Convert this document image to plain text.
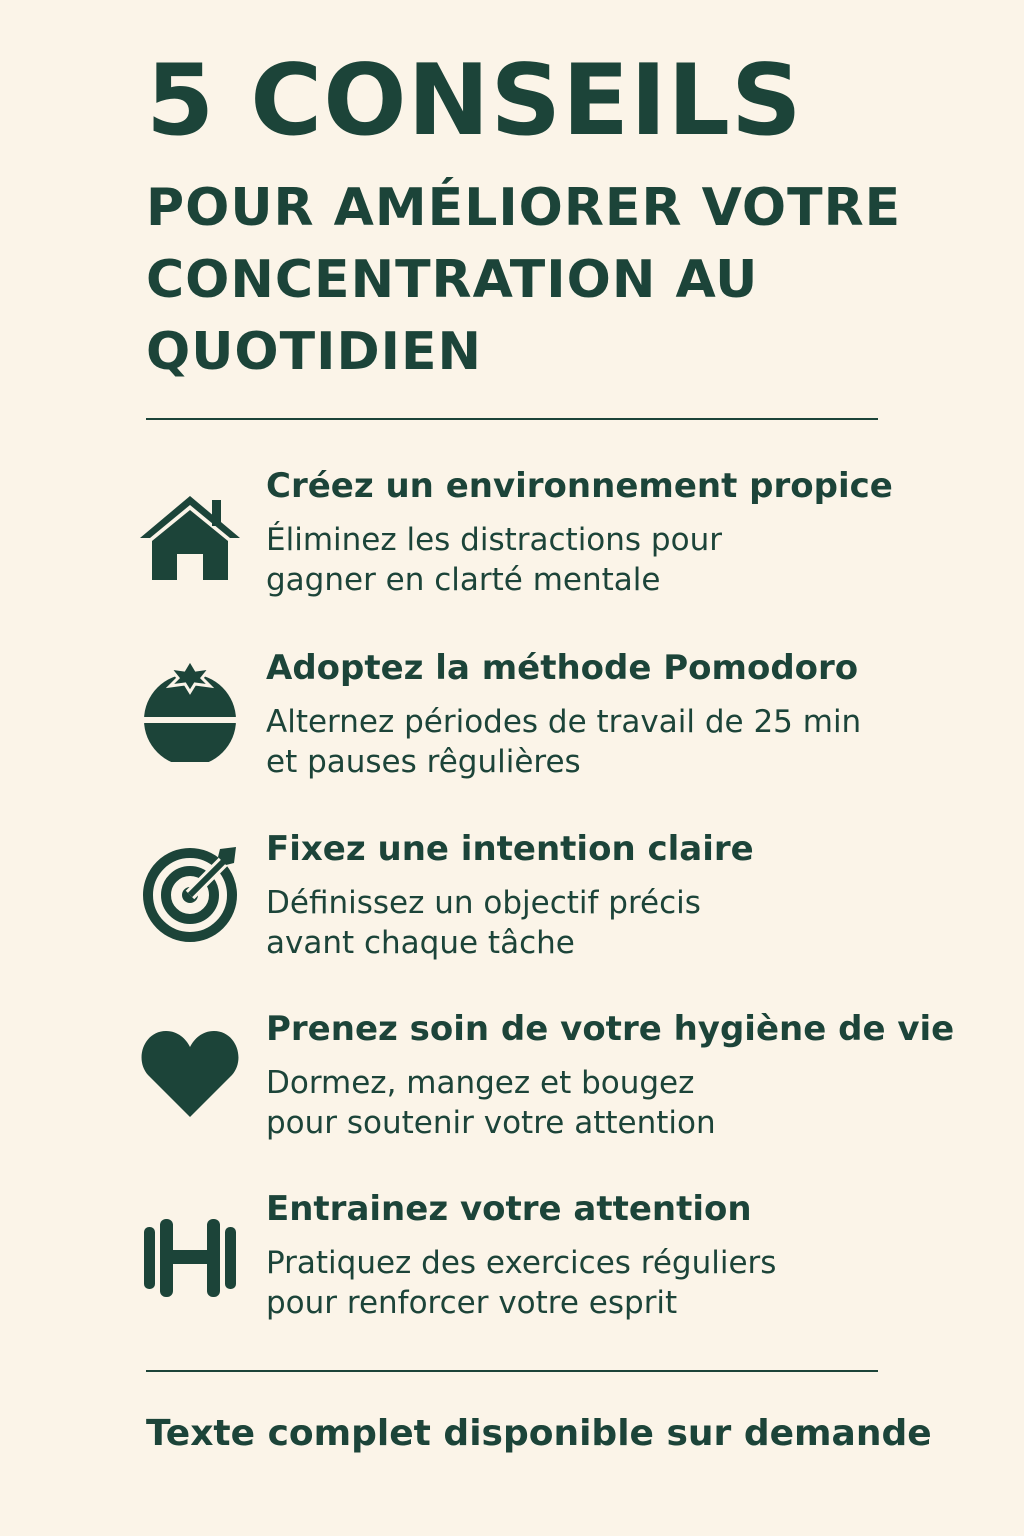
5 CONSEILS
POUR AMÉLIORER VOTRE
CONCENTRATION AU
QUOTIDIEN
Créez un environnement propice

Éliminez les distractions pour
gagner en clarté mentale

Adoptez la méthode Pomodoro

Alternez périodes de travail de 25 min
et pauses rêgulières

Fixez une intention claire

Définissez un objectif précis
avant chaque tâche

Prenez soin de votre hygiène de vie

Dormez, mangez et bougez
pour soutenir votre attention

Entrainez votre attention

Pratiquez des exercices réguliers
pour renforcer votre esprit

Texte complet disponible sur demande
